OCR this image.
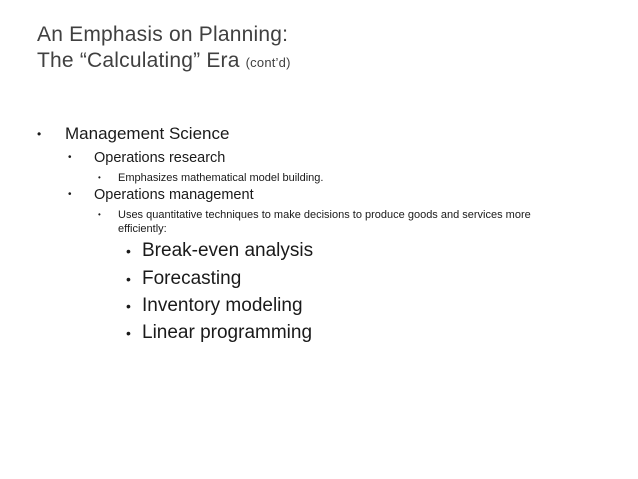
An Emphasis on Planning:
The “Calculating” Era (cont’d)
•	Management Science
•	Operations research
•	Emphasizes mathematical model building.
•	Operations management
•	Uses quantitative techniques to make decisions to produce goods and services more
efficiently:
• Break-even analysis
• Forecasting
• Inventory modeling
• Linear programming
